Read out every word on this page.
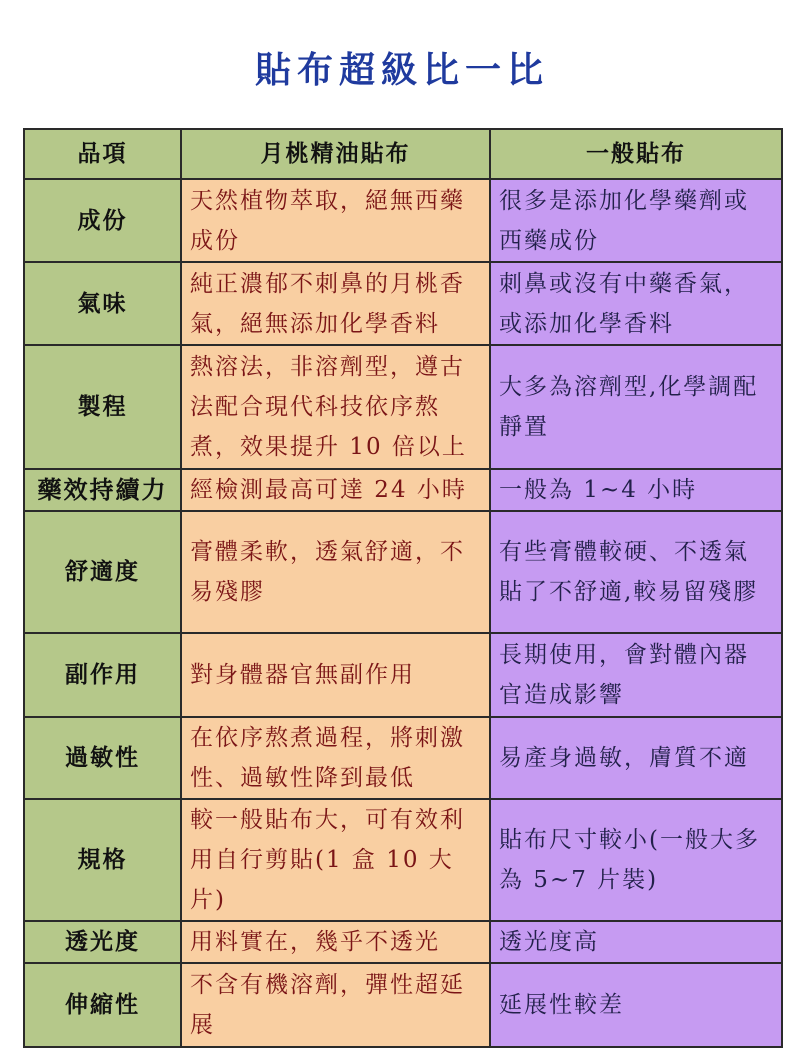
貼布超級比一比
品項	月桃精油貼布	一般貼布
成份	天然植物萃取，絕無西藥成份	很多是添加化學藥劑或西藥成份
氣味	純正濃郁不刺鼻的月桃香氣，絕無添加化學香料	刺鼻或沒有中藥香氣，或添加化學香料
製程	熱溶法，非溶劑型，遵古法配合現代科技依序熬煮，效果提升 10 倍以上	大多為溶劑型,化學調配靜置
藥效持續力	經檢測最高可達 24 小時	一般為 1~4 小時
舒適度	膏體柔軟，透氣舒適，不易殘膠	有些膏體較硬、不透氣貼了不舒適,較易留殘膠
副作用	對身體器官無副作用	長期使用，會對體內器官造成影響
過敏性	在依序熬煮過程，將刺激性、過敏性降到最低	易產身過敏，膚質不適
規格	較一般貼布大，可有效利用自行剪貼(1 盒 10 大片)	貼布尺寸較小(一般大多為 5~7 片裝)
透光度	用料實在，幾乎不透光	透光度高
伸縮性	不含有機溶劑，彈性超延展	延展性較差
